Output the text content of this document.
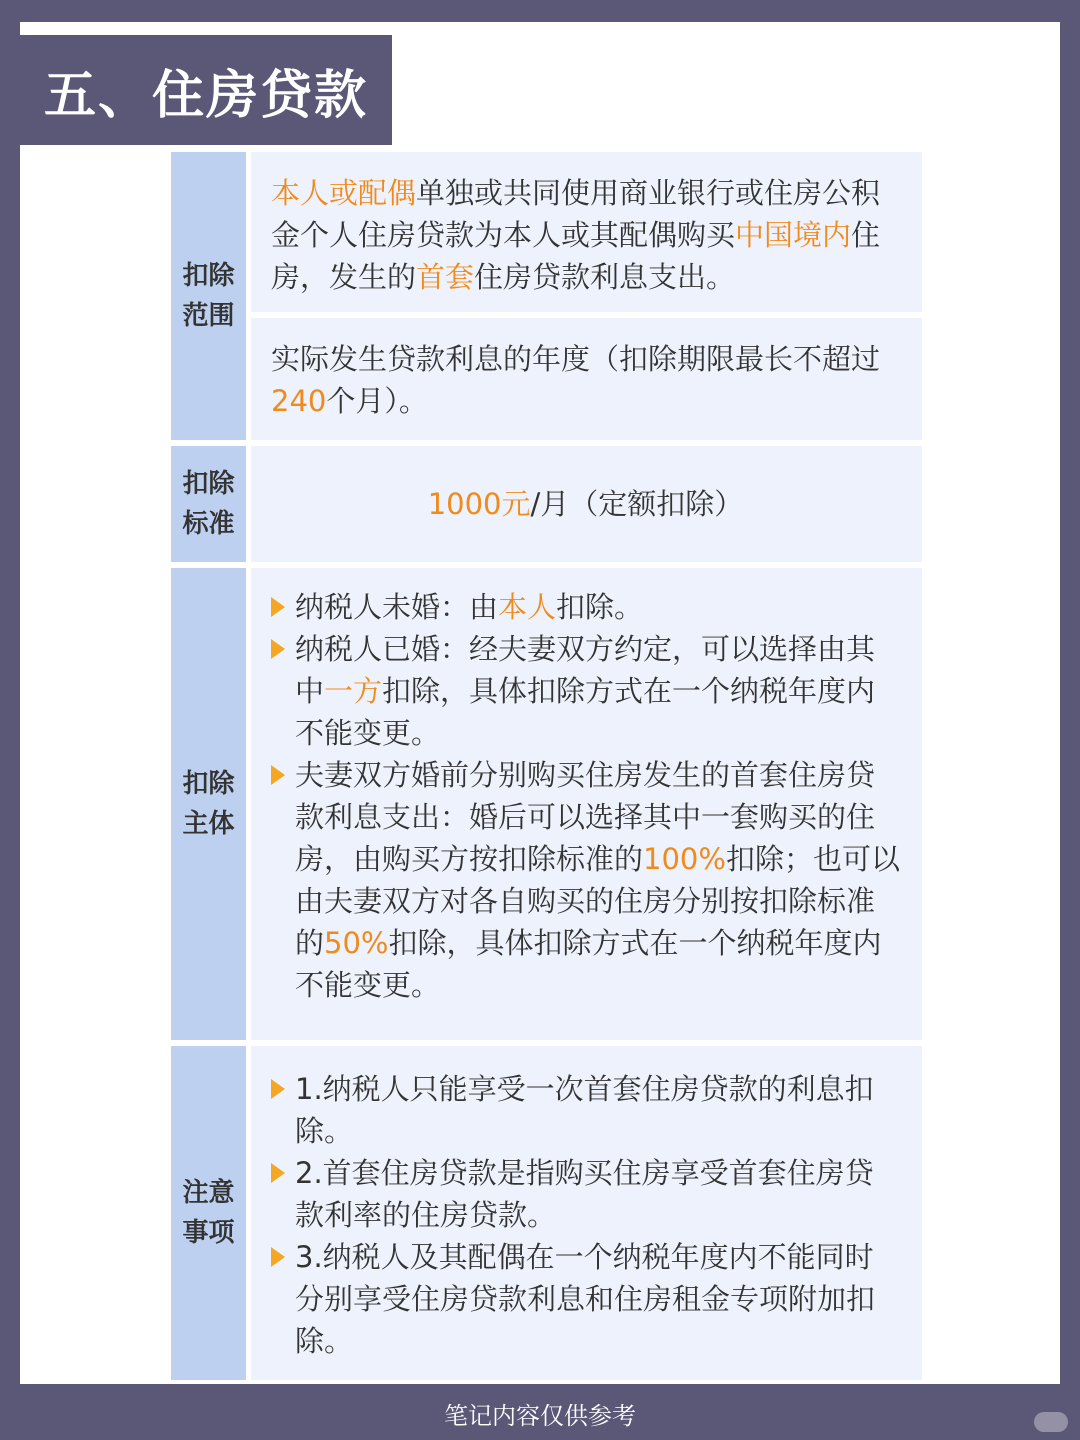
五、住房贷款
扣除
范围
本人或配偶单独或共同使用商业银行或住房公积金个人住房贷款为本人或其配偶购买中国境内住房，发生的首套住房贷款利息支出。
实际发生贷款利息的年度（扣除期限最长不超过240个月）。
扣除
标准
1000元/月（定额扣除）
扣除
主体
纳税人未婚：由本人扣除。
纳税人已婚：经夫妻双方约定，可以选择由其中一方扣除，具体扣除方式在一个纳税年度内不能变更。
夫妻双方婚前分别购买住房发生的首套住房贷款利息支出：婚后可以选择其中一套购买的住房，由购买方按扣除标准的100%扣除；也可以由夫妻双方对各自购买的住房分别按扣除标准的50%扣除，具体扣除方式在一个纳税年度内不能变更。
注意
事项
1.纳税人只能享受一次首套住房贷款的利息扣除。
2.首套住房贷款是指购买住房享受首套住房贷款利率的住房贷款。
3.纳税人及其配偶在一个纳税年度内不能同时分别享受住房贷款利息和住房租金专项附加扣除。
笔记内容仅供参考
